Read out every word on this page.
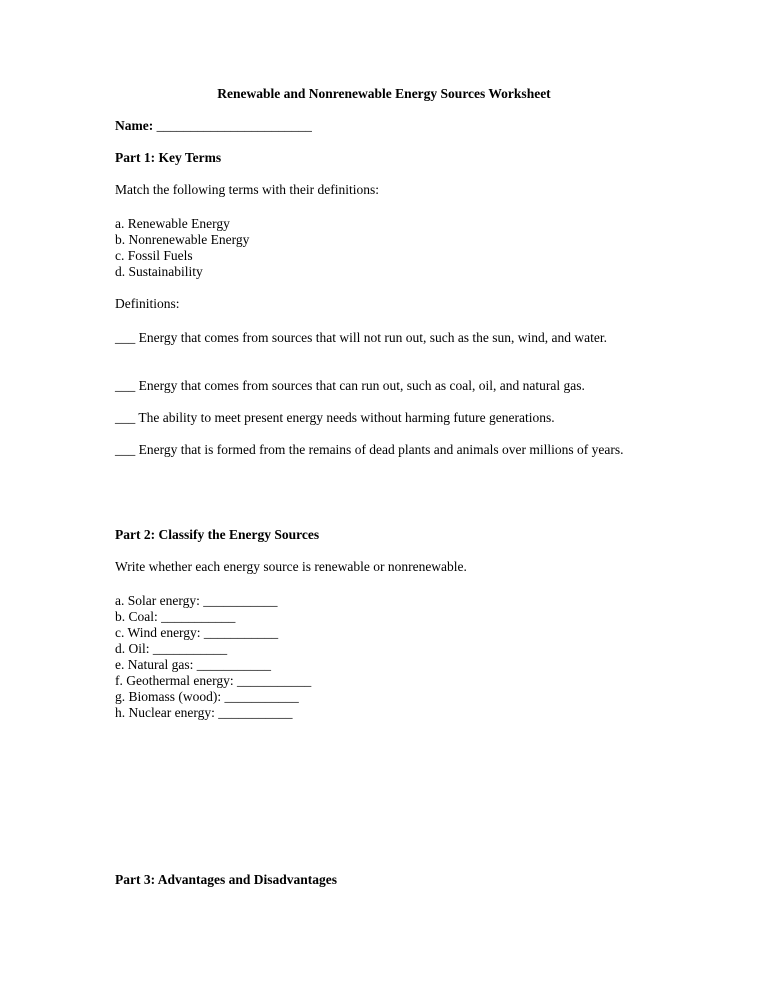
Renewable and Nonrenewable Energy Sources Worksheet
Name: _______________________
Part 1: Key Terms
Match the following terms with their definitions:
a. Renewable Energy
b. Nonrenewable Energy
c. Fossil Fuels
d. Sustainability
Definitions:
___ Energy that comes from sources that will not run out, such as the sun, wind, and water.
___ Energy that comes from sources that can run out, such as coal, oil, and natural gas.
___ The ability to meet present energy needs without harming future generations.
___ Energy that is formed from the remains of dead plants and animals over millions of years.
Part 2: Classify the Energy Sources
Write whether each energy source is renewable or nonrenewable.
a. Solar energy: ___________
b. Coal: ___________
c. Wind energy: ___________
d. Oil: ___________
e. Natural gas: ___________
f. Geothermal energy: ___________
g. Biomass (wood): ___________
h. Nuclear energy: ___________
Part 3: Advantages and Disadvantages
